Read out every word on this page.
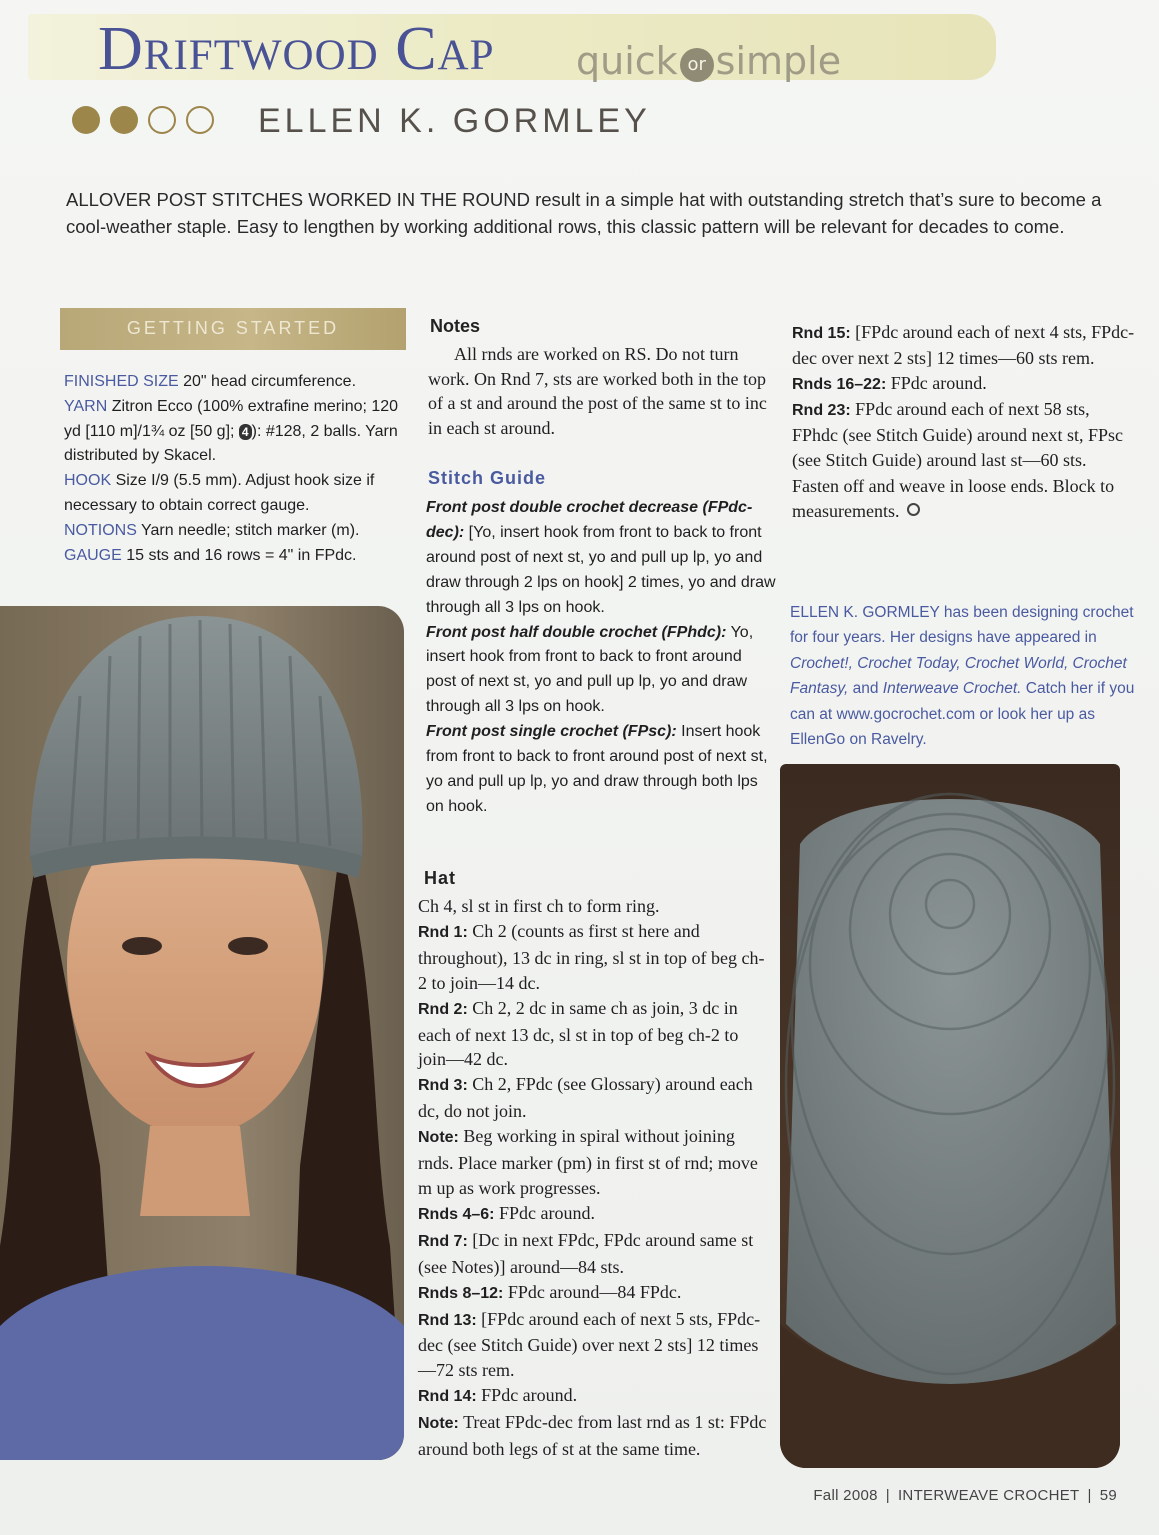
Driftwood Cap quick or simple
ELLEN K. GORMLEY
ALLOVER POST STITCHES WORKED IN THE ROUND result in a simple hat with outstanding stretch that’s sure to become a cool-weather staple. Easy to lengthen by working additional rows, this classic pattern will be relevant for decades to come.
GETTING STARTED
FINISHED SIZE 20" head circumference.
YARN Zitron Ecco (100% extrafine merino; 120 yd [110 m]/1¾ oz [50 g]; 4 ): #128, 2 balls. Yarn distributed by Skacel.
HOOK Size I/9 (5.5 mm). Adjust hook size if necessary to obtain correct gauge.
NOTIONS Yarn needle; stitch marker (m).
GAUGE 15 sts and 16 rows = 4" in FPdc.
Notes
All rnds are worked on RS. Do not turn work. On Rnd 7, sts are worked both in the top of a st and around the post of the same st to inc in each st around.
Stitch Guide
Front post double crochet decrease (FPdc-dec): [Yo, insert hook from front to back to front around post of next st, yo and pull up lp, yo and draw through 2 lps on hook] 2 times, yo and draw through all 3 lps on hook.
Front post half double crochet (FPhdc): Yo, insert hook from front to back to front around post of next st, yo and pull up lp, yo and draw through all 3 lps on hook.
Front post single crochet (FPsc): Insert hook from front to back to front around post of next st, yo and pull up lp, yo and draw through both lps on hook.
Hat
Ch 4, sl st in first ch to form ring.
Rnd 1: Ch 2 (counts as first st here and throughout), 13 dc in ring, sl st in top of beg ch-2 to join—14 dc.
Rnd 2: Ch 2, 2 dc in same ch as join, 3 dc in each of next 13 dc, sl st in top of beg ch-2 to join—42 dc.
Rnd 3: Ch 2, FPdc (see Glossary) around each dc, do not join.
Note: Beg working in spiral without joining rnds. Place marker (pm) in first st of rnd; move m up as work progresses.
Rnds 4–6: FPdc around.
Rnd 7: [Dc in next FPdc, FPdc around same st (see Notes)] around—84 sts.
Rnds 8–12: FPdc around—84 FPdc.
Rnd 13: [FPdc around each of next 5 sts, FPdc-dec (see Stitch Guide) over next 2 sts] 12 times—72 sts rem.
Rnd 14: FPdc around.
Note: Treat FPdc-dec from last rnd as 1 st: FPdc around both legs of st at the same time.
Rnd 15: [FPdc around each of next 4 sts, FPdc-dec over next 2 sts] 12 times—60 sts rem.
Rnds 16–22: FPdc around.
Rnd 23: FPdc around each of next 58 sts, FPhdc (see Stitch Guide) around next st, FPsc (see Stitch Guide) around last st—60 sts.
Fasten off and weave in loose ends. Block to measurements.
ELLEN K. GORMLEY has been designing crochet for four years. Her designs have appeared in Crochet!, Crochet Today, Crochet World, Crochet Fantasy, and Interweave Crochet. Catch her if you can at www.gocrochet.com or look her up as EllenGo on Ravelry.
Fall 2008 | INTERWEAVE CROCHET | 59
